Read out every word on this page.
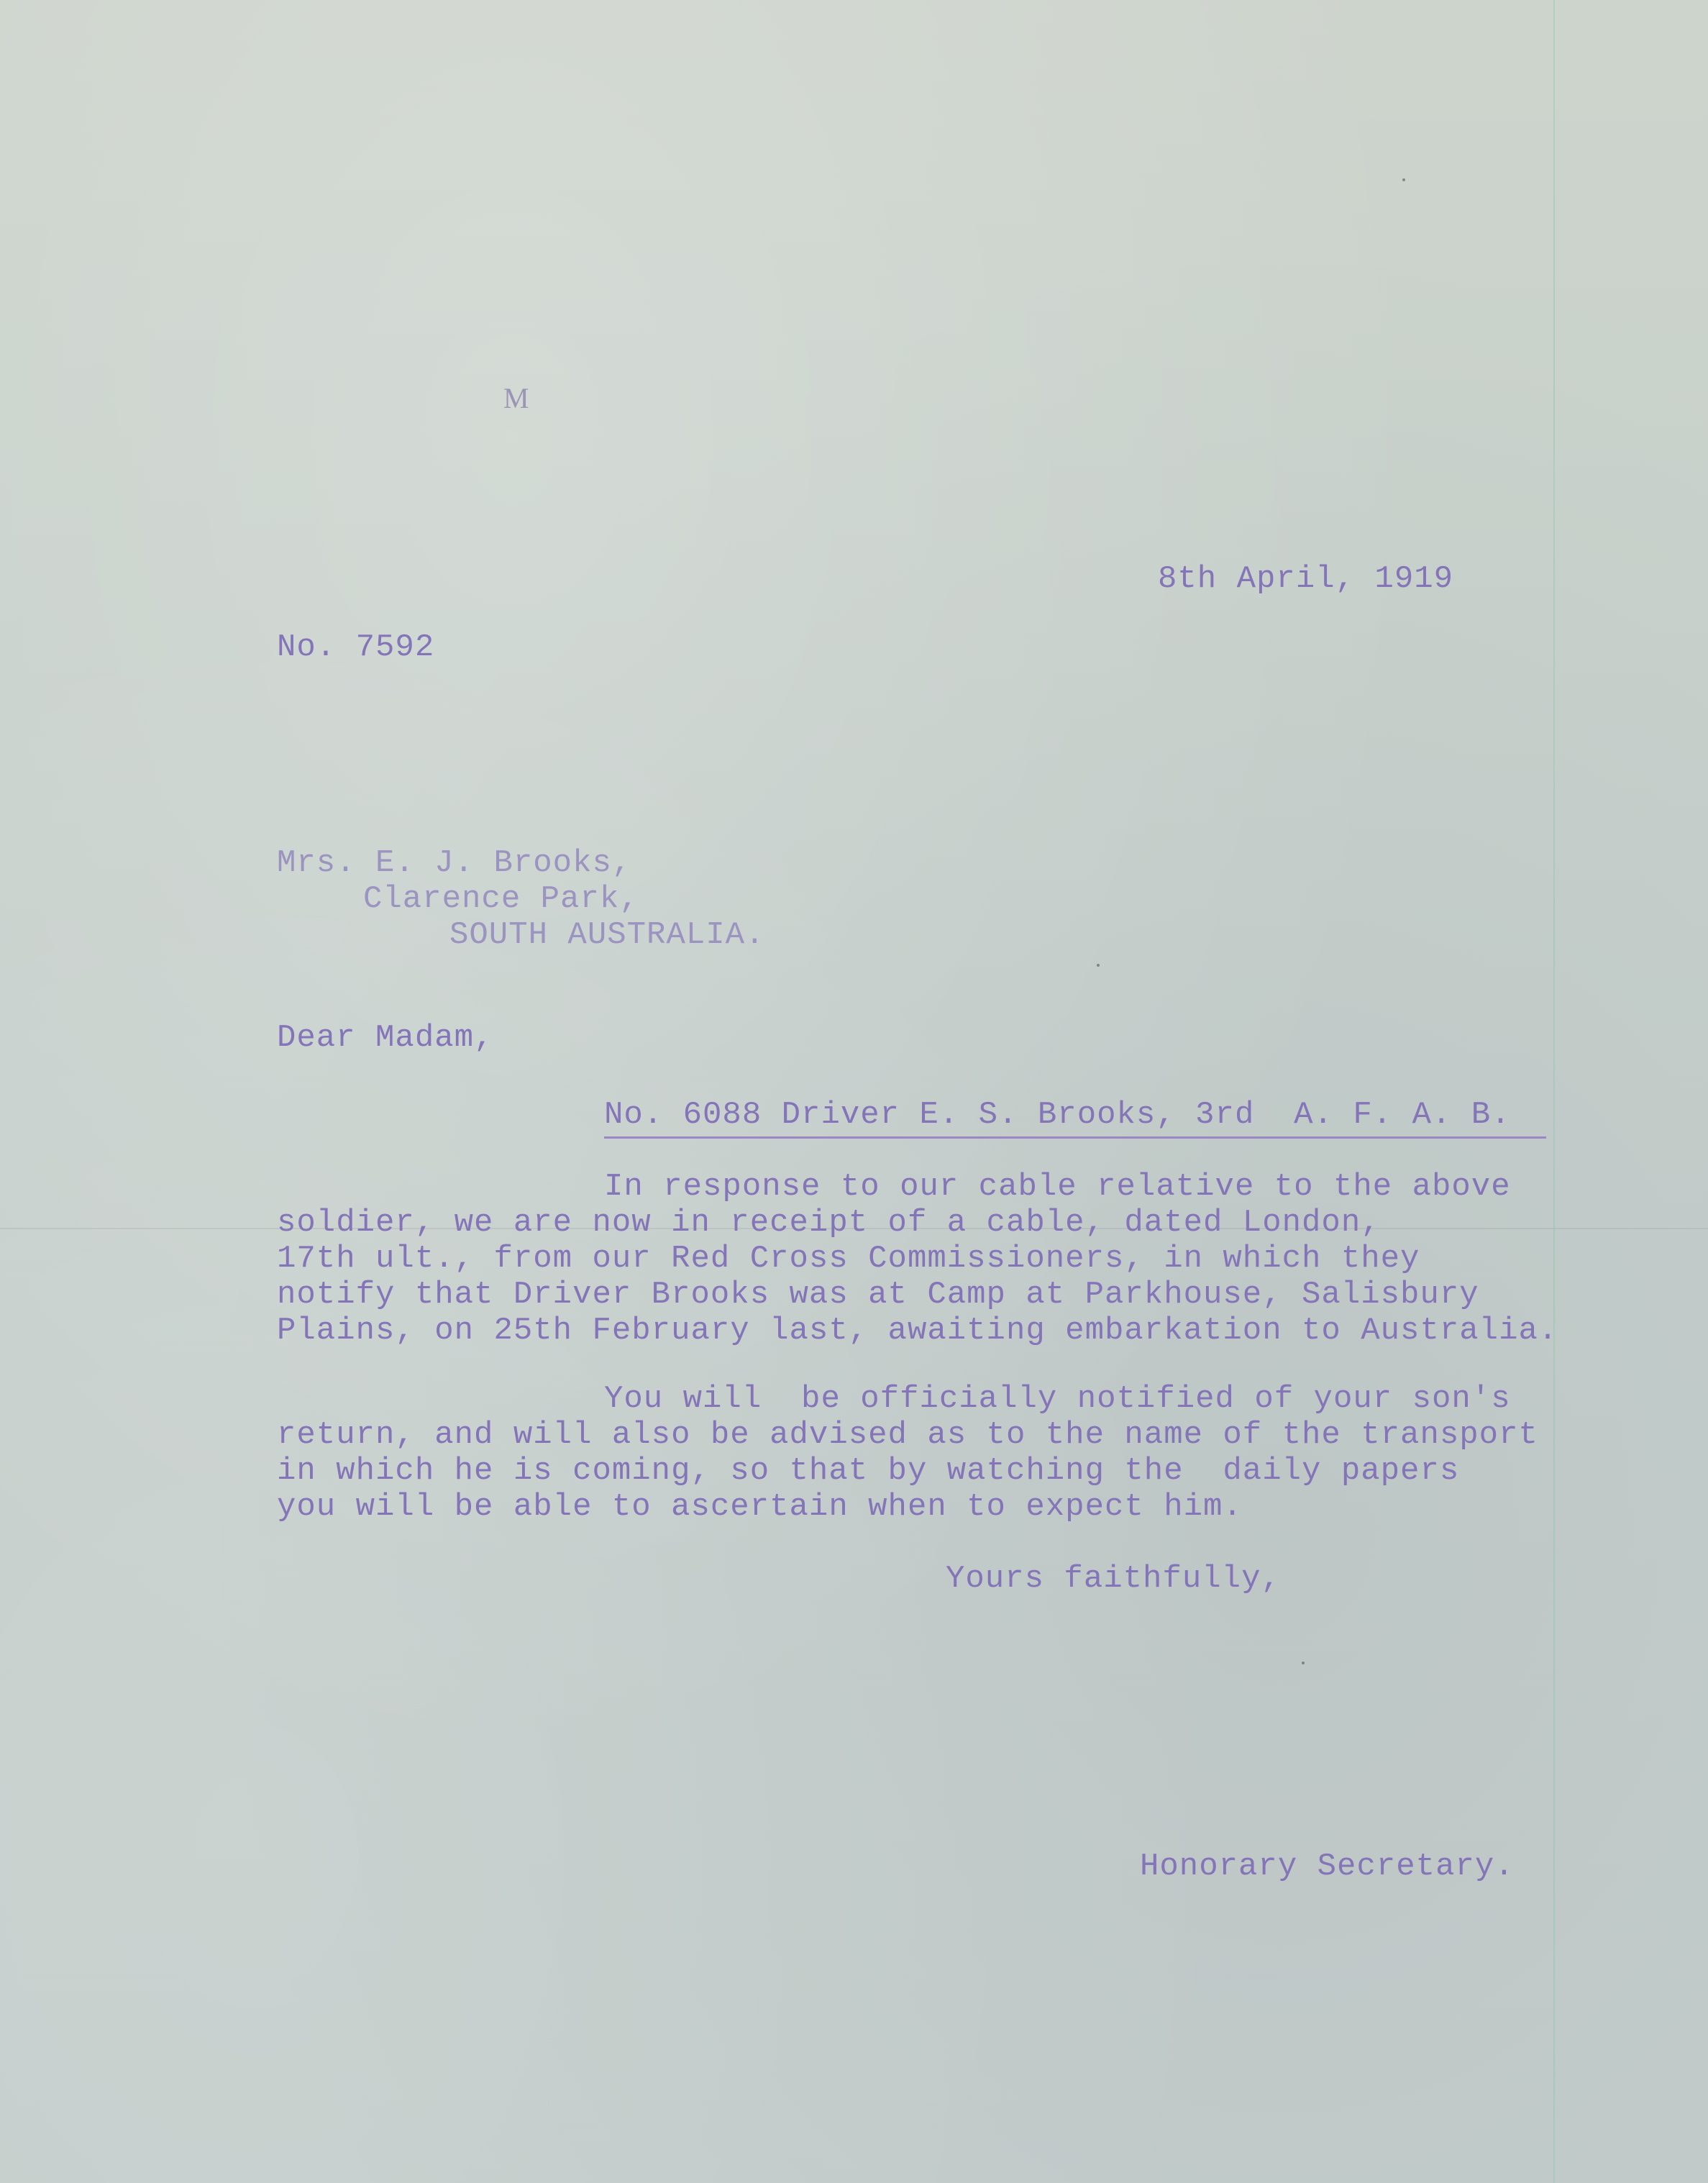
M

8th April, 1919

No. 7592

Mrs. E. J. Brooks,

Clarence Park,

SOUTH AUSTRALIA.

Dear Madam,

No. 6088 Driver E. S. Brooks, 3rd  A. F. A. B.

In response to our cable relative to the above

soldier, we are now in receipt of a cable, dated London,

17th ult., from our Red Cross Commissioners, in which they

notify that Driver Brooks was at Camp at Parkhouse, Salisbury

Plains, on 25th February last, awaiting embarkation to Australia.

You will  be officially notified of your son's

return, and will also be advised as to the name of the transport

in which he is coming, so that by watching the  daily papers

you will be able to ascertain when to expect him.

Yours faithfully,

Honorary Secretary.
